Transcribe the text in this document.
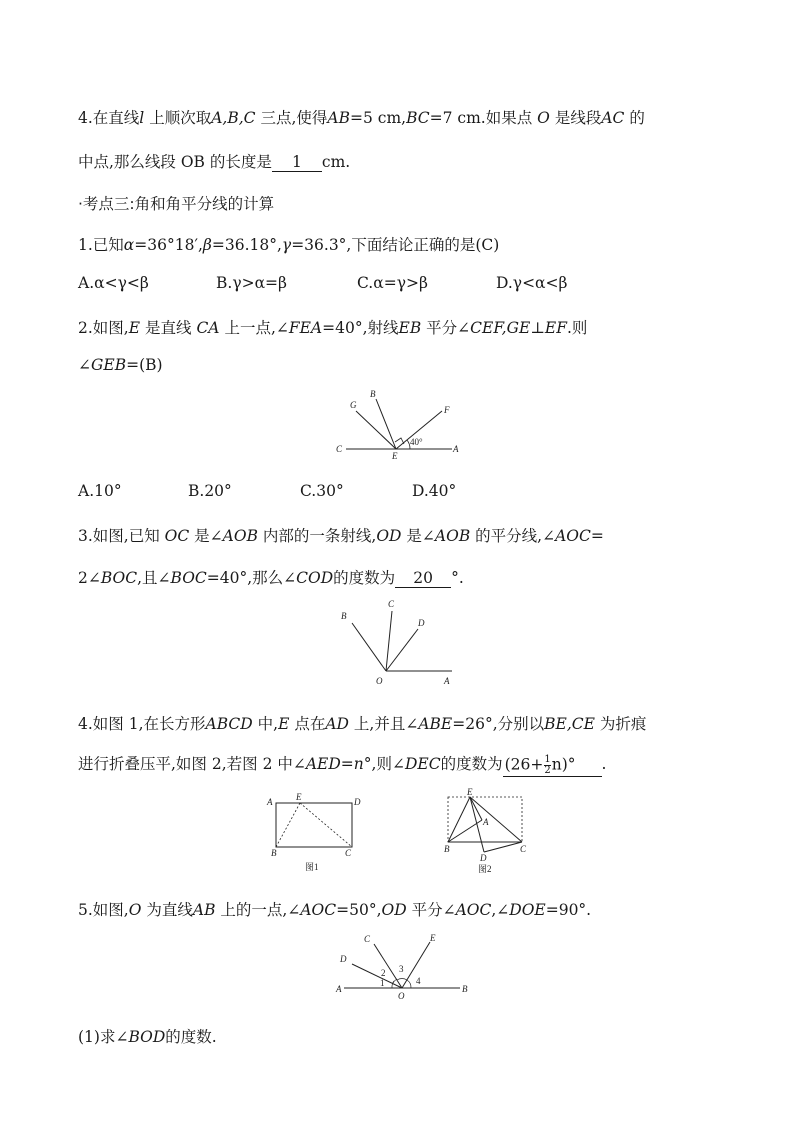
4.在直线l 上顺次取A,B,C 三点,使得AB=5 cm,BC=7 cm.如果点 O 是线段AC 的
中点,那么线段 OB 的长度是 1 cm.
·考点三:角和角平分线的计算
1.已知α=36°18′,β=36.18°,γ=36.3°,下面结论正确的是(C)
A.α<γ<β	B.γ>α=β	C.α=γ>β	D.γ<α<β
2.如图,E 是直线 CA 上一点,∠FEA=40°,射线EB 平分∠CEF,GE⊥EF.则
∠GEB=(B)
G
B
F
C
E
A
40°
A.10°	B.20°	C.30°	D.40°
3.如图,已知 OC 是∠AOB 内部的一条射线,OD 是∠AOB 的平分线,∠AOC=
2∠BOC,且∠BOC=40°,那么∠COD的度数为 20 °.
B
C
D
O	A
4.如图 1,在长方形ABCD 中,E 点在AD 上,并且∠ABE=26°,分别以BE,CE 为折痕
进行折叠压平,如图 2,若图 2 中∠AED=n°,则∠DEC的度数为 $(26+ \frac{1}{2} n)^\circ$ .
A	E	D
B	C
图1
E
A
B	C
D
图2
5.如图,O 为直线AB 上的一点,∠AOC=50°,OD 平分∠AOC,∠DOE=90°.
C	E
D
2 3
1	4
A
O
B
(1)求∠BOD的度数.
